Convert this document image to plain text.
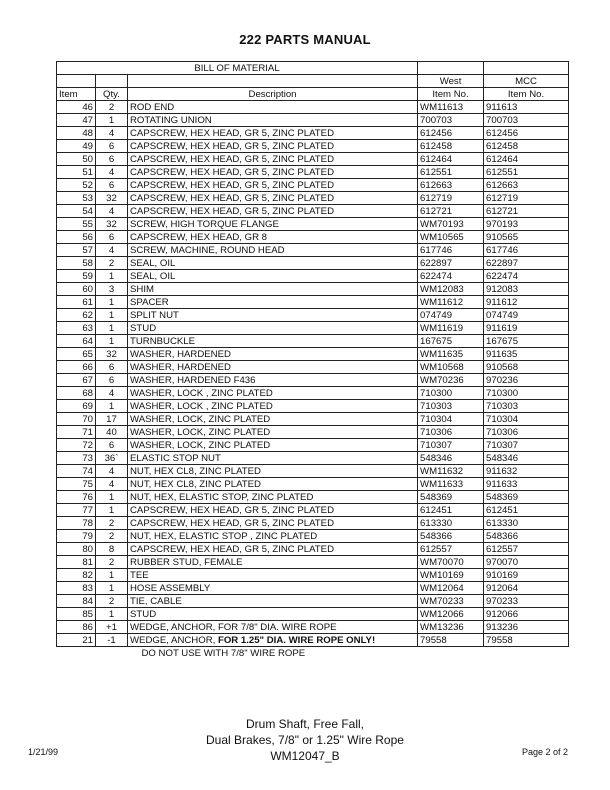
222 PARTS MANUAL
BILL OF MATERIAL				
			West	MCC
Item	Qty.	Description	Item No.	Item No.
46	2	ROD END	WM11613	911613
47	1	ROTATING UNION	700703	700703
48	4	CAPSCREW, HEX HEAD, GR 5, ZINC PLATED	612456	612456
49	6	CAPSCREW, HEX HEAD, GR 5, ZINC PLATED	612458	612458
50	6	CAPSCREW, HEX HEAD, GR 5, ZINC PLATED	612464	612464
51	4	CAPSCREW, HEX HEAD, GR 5, ZINC PLATED	612551	612551
52	6	CAPSCREW, HEX HEAD, GR 5, ZINC PLATED	612663	612663
53	32	CAPSCREW, HEX HEAD, GR 5, ZINC PLATED	612719	612719
54	4	CAPSCREW, HEX HEAD, GR 5, ZINC PLATED	612721	612721
55	32	SCREW, HIGH TORQUE FLANGE	WM70193	970193
56	6	CAPSCREW, HEX HEAD, GR 8	WM10565	910565
57	4	SCREW, MACHINE, ROUND HEAD	617746	617746
58	2	SEAL, OIL	622897	622897
59	1	SEAL, OIL	622474	622474
60	3	SHIM	WM12083	912083
61	1	SPACER	WM11612	911612
62	1	SPLIT NUT	074749	074749
63	1	STUD	WM11619	911619
64	1	TURNBUCKLE	167675	167675
65	32	WASHER, HARDENED	WM11635	911635
66	6	WASHER, HARDENED	WM10568	910568
67	6	WASHER, HARDENED F436	WM70236	970236
68	4	WASHER, LOCK , ZINC PLATED	710300	710300
69	1	WASHER, LOCK , ZINC PLATED	710303	710303
70	17	WASHER, LOCK, ZINC PLATED	710304	710304
71	40	WASHER, LOCK, ZINC PLATED	710306	710306
72	6	WASHER, LOCK, ZINC PLATED	710307	710307
73	36`	ELASTIC STOP NUT	548346	548346
74	4	NUT, HEX CL8, ZINC PLATED	WM11632	911632
75	4	NUT, HEX CL8, ZINC PLATED	WM11633	911633
76	1	NUT, HEX, ELASTIC STOP, ZINC PLATED	548369	548369
77	1	CAPSCREW, HEX HEAD, GR 5, ZINC PLATED	612451	612451
78	2	CAPSCREW, HEX HEAD, GR 5, ZINC PLATED	613330	613330
79	2	NUT, HEX, ELASTIC STOP , ZINC PLATED	548366	548366
80	8	CAPSCREW, HEX HEAD, GR 5, ZINC PLATED	612557	612557
81	2	RUBBER STUD, FEMALE	WM70070	970070
82	1	TEE	WM10169	910169
83	1	HOSE ASSEMBLY	WM12064	912064
84	2	TIE, CABLE	WM70233	970233
85	1	STUD	WM12066	912066
86	+1	WEDGE, ANCHOR, FOR 7/8" DIA. WIRE ROPE	WM13236	913236
21	-1	WEDGE, ANCHOR, FOR 1.25" DIA. WIRE ROPE ONLY!	79558	79558
		DO NOT USE WITH 7/8" WIRE ROPE		
Drum Shaft, Free Fall,
Dual Brakes, 7/8" or 1.25" Wire Rope
WM12047_B
1/21/99	Page 2 of 2
